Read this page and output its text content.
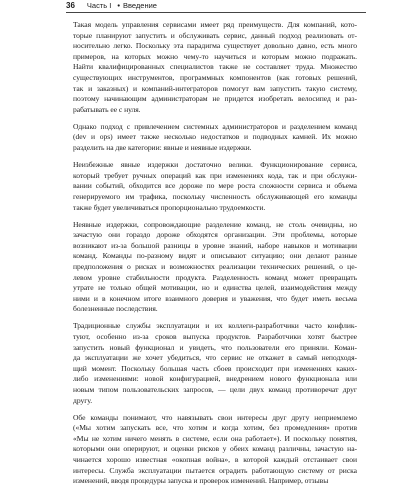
36 Часть I • Введение
Такая модель управления сервисами имеет ряд преимуществ. Для компаний, кото-
торые планируют запустить и обслуживать сервис, данный подход реализовать от-
носительно легко. Поскольку эта парадигма существует довольно давно, есть много
примеров, на которых можно чему-то научиться и которым можно подражать.
Найти квалифицированных специалистов также не составляет труда. Множество
существующих инструментов, программных компонентов (как готовых решений,
так и заказных) и компаний-интеграторов помогут вам запустить такую систему,
поэтому начинающим администраторам не придется изобретать велосипед и раз-
рабатывать ее с нуля.
Однако подход с привлечением системных администраторов и разделением команд
(dev и ops) имеет также несколько недостатков и подводных камней. Их можно
разделить на две категории: явные и неявные издержки.
Неизбежные явные издержки достаточно велики. Функционирование сервиса,
который требует ручных операций как при изменениях кода, так и при обслужи-
вании событий, обходится все дороже по мере роста сложности сервиса и объема
генерируемого им трафика, поскольку численность обслуживающей его команды
также будет увеличиваться пропорционально трудоемкости.
Неявные издержки, сопровождающие разделение команд, не столь очевидны, но
зачастую они гораздо дороже обходятся организации. Эти проблемы, которые
возникают из-за большой разницы в уровне знаний, наборе навыков и мотивации
команд. Команды по-разному видят и описывают ситуацию; они делают разные
предположения о рисках и возможностях реализации технических решений, о це-
левом уровне стабильности продукта. Разделенность команд может превращать
утрате не только общей мотивации, но и единства целей, взаимодействия между
ними и в конечном итоге взаимного доверия и уважения, что будет иметь весьма
болезненные последствия.
Традиционные службы эксплуатации и их коллеги-разработчики часто конфлик-
туют, особенно из-за сроков выпуска продуктов. Разработчики хотят быстрее
запустить новый функционал и увидеть, что пользователи его приняли. Коман-
да эксплуатации же хочет убедиться, что сервис не откажет в самый неподходя-
щий момент. Поскольку большая часть сбоев происходит при изменениях каких-
либо изменениями: новой конфигурацией, внедрением нового функционала или
новым типом пользовательских запросов, — цели двух команд противоречат друг
другу.
Обе команды понимают, что навязывать свои интересы друг другу неприемлемо
(«Мы хотим запускать все, что хотим и когда хотим, без промедления» против
«Мы не хотим ничего менять в системе, если она работает»). И поскольку понятия,
которыми они оперируют, и оценки рисков у обеих команд различны, зачастую на-
чинается хорошо известная «окопная война», в которой каждый отстаивает свои
интересы. Служба эксплуатации пытается оградить работающую систему от риска
изменений, вводя процедуры запуска и проверок изменений. Например, отзывы
